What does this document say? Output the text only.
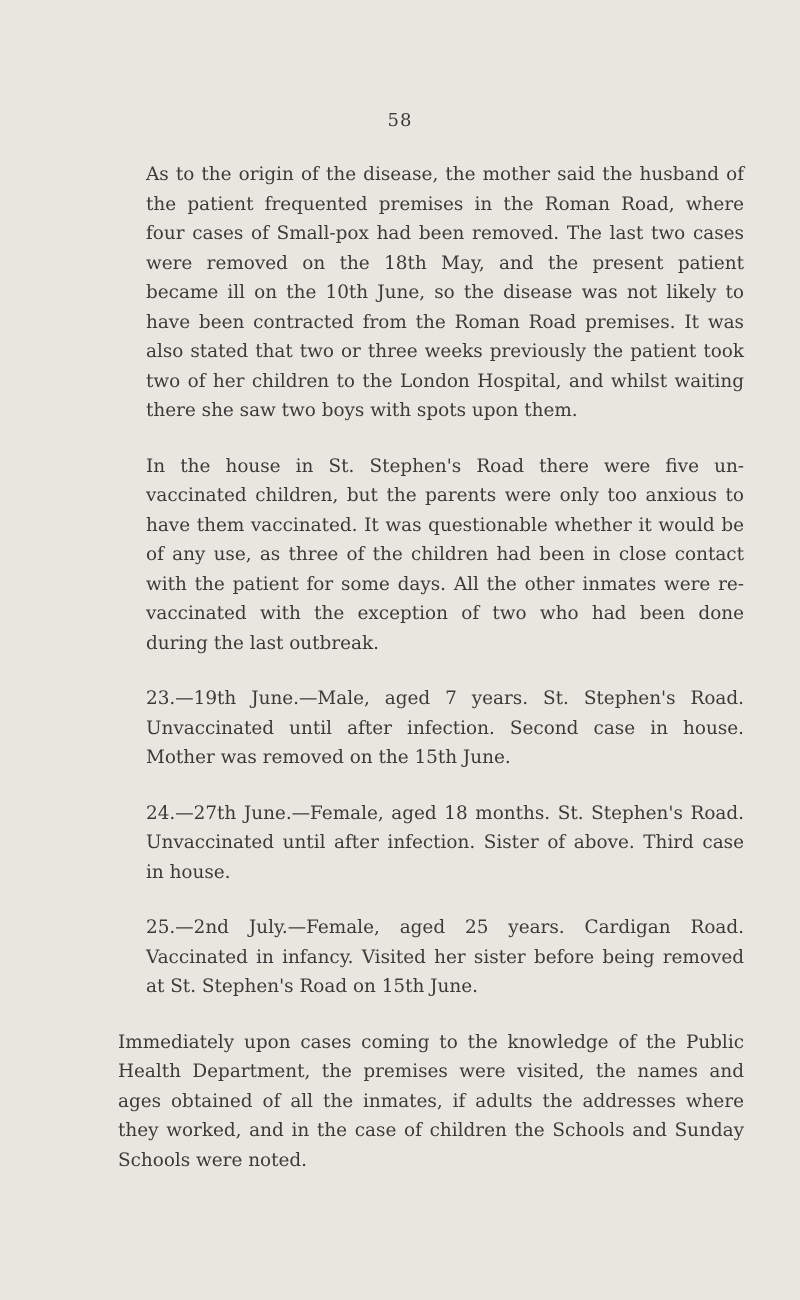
58

As to the origin of the disease, the mother said the husband of the patient frequented premises in the Roman Road, where four cases of Small-pox had been removed. The last two cases were removed on the 18th May, and the present patient became ill on the 10th June, so the disease was not likely to have been contracted from the Roman Road premises. It was also stated that two or three weeks previously the patient took two of her children to the London Hospital, and whilst waiting there she saw two boys with spots upon them.

In the house in St. Stephen's Road there were five un-vaccinated children, but the parents were only too anxious to have them vaccinated. It was questionable whether it would be of any use, as three of the children had been in close contact with the patient for some days. All the other inmates were re-vaccinated with the exception of two who had been done during the last outbreak.

23.—19th June.—Male, aged 7 years. St. Stephen's Road. Unvaccinated until after infection. Second case in house. Mother was removed on the 15th June.

24.—27th June.—Female, aged 18 months. St. Stephen's Road. Unvaccinated until after infection. Sister of above. Third case in house.

25.—2nd July.—Female, aged 25 years. Cardigan Road. Vaccinated in infancy. Visited her sister before being removed at St. Stephen's Road on 15th June.

Immediately upon cases coming to the knowledge of the Public Health Department, the premises were visited, the names and ages obtained of all the inmates, if adults the addresses where they worked, and in the case of children the Schools and Sunday Schools were noted.
